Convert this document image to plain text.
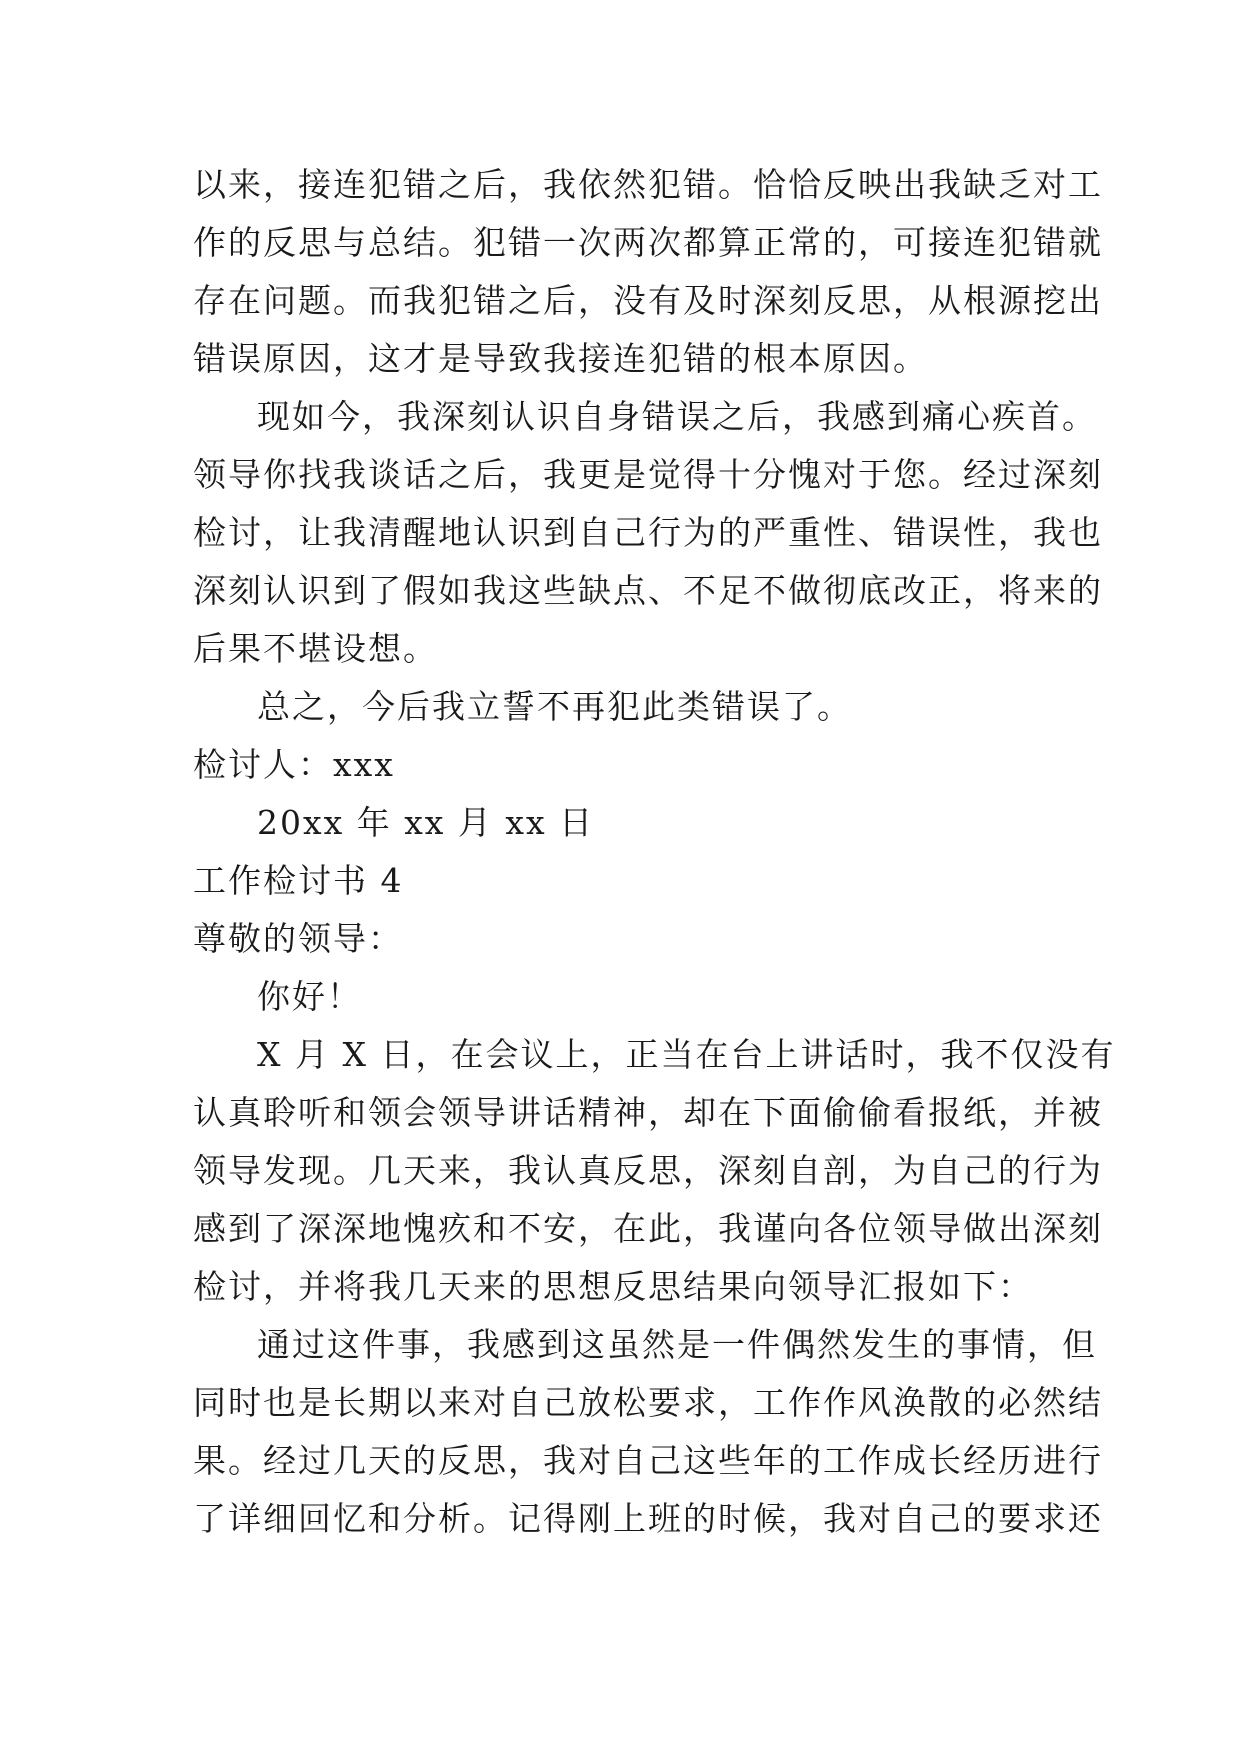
以来，接连犯错之后，我依然犯错。恰恰反映出我缺乏对工
作的反思与总结。犯错一次两次都算正常的，可接连犯错就
存在问题。而我犯错之后，没有及时深刻反思，从根源挖出
错误原因，这才是导致我接连犯错的根本原因。
现如今，我深刻认识自身错误之后，我感到痛心疾首。
领导你找我谈话之后，我更是觉得十分愧对于您。经过深刻
检讨，让我清醒地认识到自己行为的严重性、错误性，我也
深刻认识到了假如我这些缺点、不足不做彻底改正，将来的
后果不堪设想。
总之，今后我立誓不再犯此类错误了。
检讨人：xxx
20xx 年 xx 月 xx 日
工作检讨书 4
尊敬的领导：
你好！
X 月 X 日，在会议上，正当在台上讲话时，我不仅没有
认真聆听和领会领导讲话精神，却在下面偷偷看报纸，并被
领导发现。几天来，我认真反思，深刻自剖，为自己的行为
感到了深深地愧疚和不安，在此，我谨向各位领导做出深刻
检讨，并将我几天来的思想反思结果向领导汇报如下：
通过这件事，我感到这虽然是一件偶然发生的事情，但
同时也是长期以来对自己放松要求，工作作风涣散的必然结
果。经过几天的反思，我对自己这些年的工作成长经历进行
了详细回忆和分析。记得刚上班的时候，我对自己的要求还
